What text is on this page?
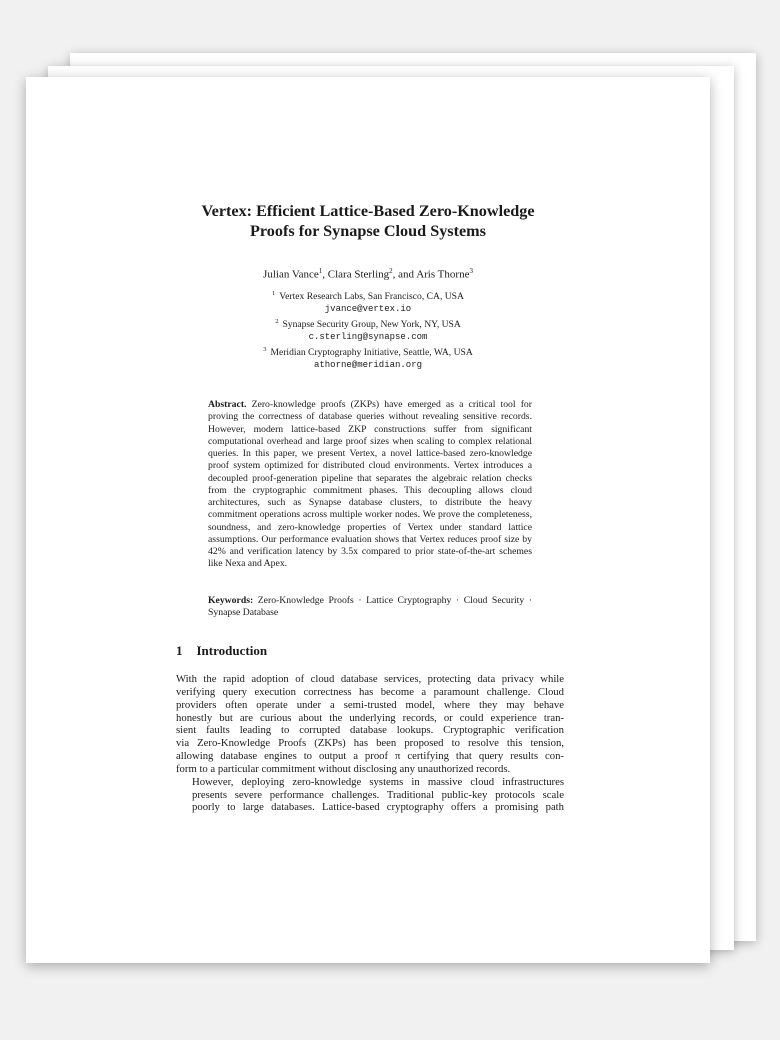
Vertex: Efficient Lattice-Based Zero-Knowledge
Proofs for Synapse Cloud Systems
Julian Vance$^1$, Clara Sterling$^2$, and Aris Thorne$^3$
$^1$ Vertex Research Labs, San Francisco, CA, USA
jvance@vertex.io
$^2$ Synapse Security Group, New York, NY, USA
c.sterling@synapse.com
$^3$ Meridian Cryptography Initiative, Seattle, WA, USA
athorne@meridian.org

Abstract. Zero-knowledge proofs (ZKPs) have emerged as a critical tool for proving the correctness of database queries without revealing sensitive records. However, modern lattice-based ZKP constructions suffer from significant computational overhead and large proof sizes when scaling to complex relational queries. In this paper, we present Vertex, a novel lattice-based zero-knowledge proof system optimized for distributed cloud environments. Vertex introduces a decoupled proof-generation pipeline that separates the algebraic relation checks from the cryptographic commitment phases. This decoupling allows cloud architectures, such as Synapse database clusters, to distribute the heavy commitment operations across multiple worker nodes. We prove the completeness, soundness, and zero-knowledge properties of Vertex under standard lattice assumptions. Our performance evaluation shows that Vertex reduces proof size by 42% and verification latency by 3.5x compared to prior state-of-the-art schemes like Nexa and Apex.

Keywords: Zero-Knowledge Proofs · Lattice Cryptography · Cloud Security · Synapse Database

1 Introduction

With the rapid adoption of cloud database services, protecting data privacy while
verifying query execution correctness has become a paramount challenge. Cloud
providers often operate under a semi-trusted model, where they may behave
honestly but are curious about the underlying records, or could experience tran-
sient faults leading to corrupted database lookups. Cryptographic verification
via Zero-Knowledge Proofs (ZKPs) has been proposed to resolve this tension,
allowing database engines to output a proof π certifying that query results con-
form to a particular commitment without disclosing any unauthorized records.

However, deploying zero-knowledge systems in massive cloud infrastructures
presents severe performance challenges. Traditional public-key protocols scale
poorly to large databases. Lattice-based cryptography offers a promising path
